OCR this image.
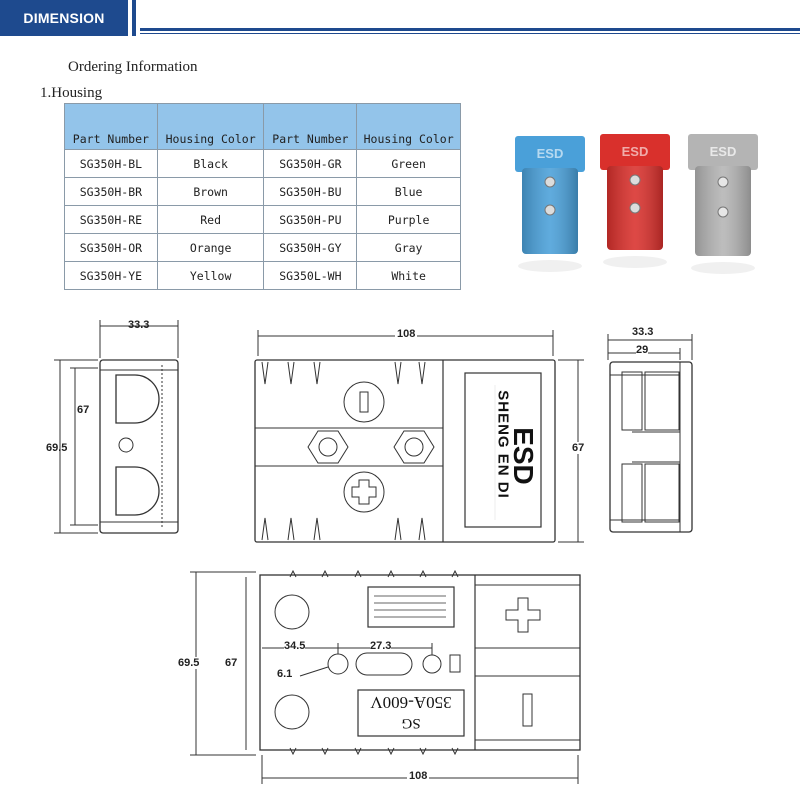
DIMENSION
Ordering Information
1.Housing
Part Number	Housing Color	Part Number	Housing Color
SG350H-BL	Black	SG350H-GR	Green
SG350H-BR	Brown	SG350H-BU	Blue
SG350H-RE	Red	SG350H-PU	Purple
SG350H-OR	Orange	SG350H-GY	Gray
SG350H-YE	Yellow	SG350L-WH	White
ESD	ESD	ESD
33.3
67
69.5
108
67
33.3
29
69.5 67
34.5	27.3
6.1
108
SHENG EN DI
ESD
350A-600V
SG
